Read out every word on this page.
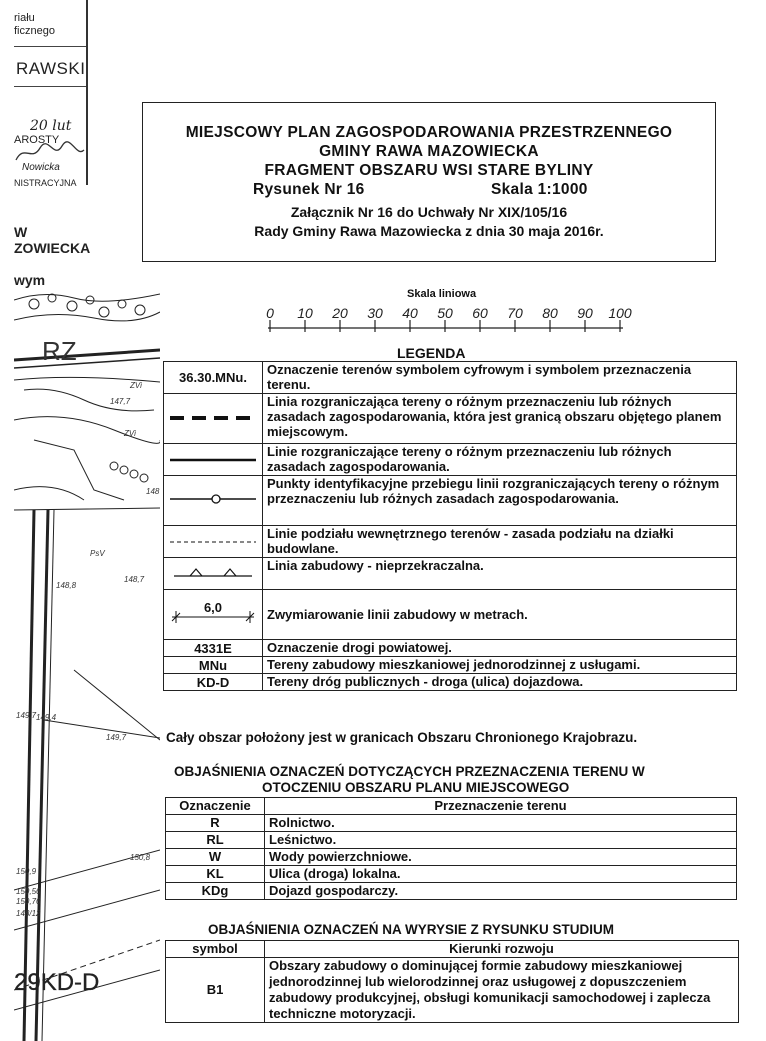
riału
ficznego
RAWSKI
20 lut
AROSTY
Nowicka
NISTRACYJNA
W
ZOWIECKA
wym
RZ
ZVi
147,7
ZVi
148
PsV
148,7
148,8
149,7
149,4
149,7
150,8
150,9
150,56
150,76
148/12
29KD-D
MIEJSCOWY PLAN ZAGOSPODAROWANIA PRZESTRZENNEGO
GMINY RAWA MAZOWIECKA
FRAGMENT OBSZARU WSI STARE BYLINY
Rysunek Nr 16	Skala 1:1000
Załącznik Nr 16 do Uchwały Nr XIX/105/16
Rady Gminy Rawa Mazowiecka z dnia 30 maja 2016r.
Skala liniowa
0 10 20 30 40 50 60 70 80 90 100
LEGENDA
36.30.MNu.	Oznaczenie terenów symbolem cyfrowym i symbolem przeznaczenia terenu.
	Linia rozgraniczająca tereny o różnym przeznaczeniu lub różnych zasadach zagospodarowania, która jest granicą obszaru objętego planem miejscowym.
	Linie rozgraniczające tereny o różnym przeznaczeniu lub różnych zasadach zagospodarowania.
	Punkty identyfikacyjne przebiegu linii rozgraniczających tereny o różnym przeznaczeniu lub różnych zasadach zagospodarowania.
	Linie podziału wewnętrznego terenów - zasada podziału na działki budowlane.
	Linia zabudowy - nieprzekraczalna.

6,0	Zwymiarowanie linii zabudowy w metrach.
4331E	Oznaczenie drogi powiatowej.
MNu	Tereny zabudowy mieszkaniowej jednorodzinnej z usługami.
KD-D	Tereny dróg publicznych - droga (ulica) dojazdowa.
Cały obszar położony jest w granicach Obszaru Chronionego Krajobrazu.
OBJAŚNIENIA OZNACZEŃ DOTYCZĄCYCH PRZEZNACZENIA TERENU W
OTOCZENIU OBSZARU PLANU MIEJSCOWEGO
Oznaczenie	Przeznaczenie terenu
R	Rolnictwo.
RL	Leśnictwo.
W	Wody powierzchniowe.
KL	Ulica (droga) lokalna.
KDg	Dojazd gospodarczy.
OBJAŚNIENIA OZNACZEŃ NA WYRYSIE Z RYSUNKU STUDIUM
symbol	Kierunki rozwoju
B1	Obszary zabudowy o dominującej formie zabudowy mieszkaniowej jednorodzinnej lub wielorodzinnej oraz usługowej z dopuszczeniem zabudowy produkcyjnej, obsługi komunikacji samochodowej i zaplecza techniczne motoryzacji.
